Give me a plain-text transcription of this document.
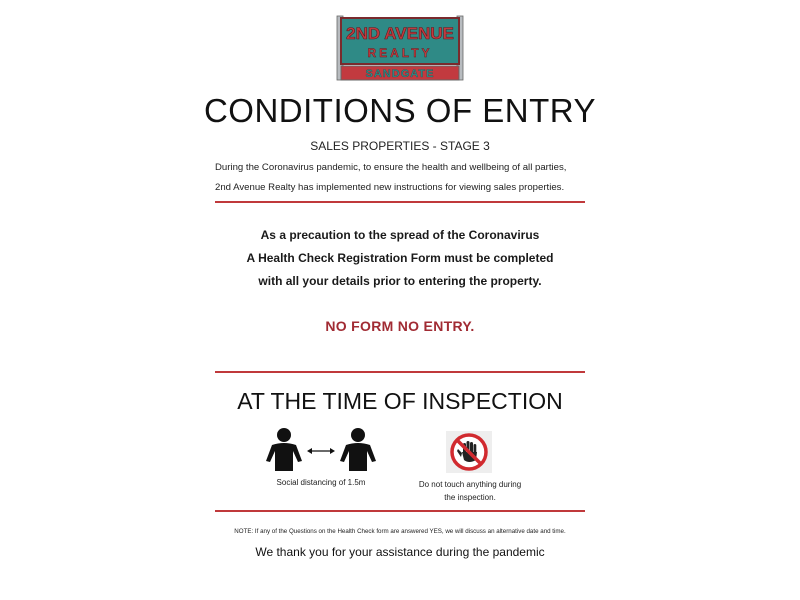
2ND AVENUE
REALTY
SANDGATE
CONDITIONS OF ENTRY
SALES PROPERTIES - STAGE 3
During the Coronavirus pandemic, to ensure the health and wellbeing of all parties,
2nd Avenue Realty has implemented new instructions for viewing sales properties.
As a precaution to the spread of the Coronavirus
A Health Check Registration Form must be completed
with all your details prior to entering the property.
NO FORM NO ENTRY.
AT THE TIME OF INSPECTION
Social distancing of 1.5m	Do not touch anything during
the inspection.
NOTE: If any of the Questions on the Health Check form are answered YES, we will discuss an alternative date and time.
We thank you for your assistance during the pandemic
